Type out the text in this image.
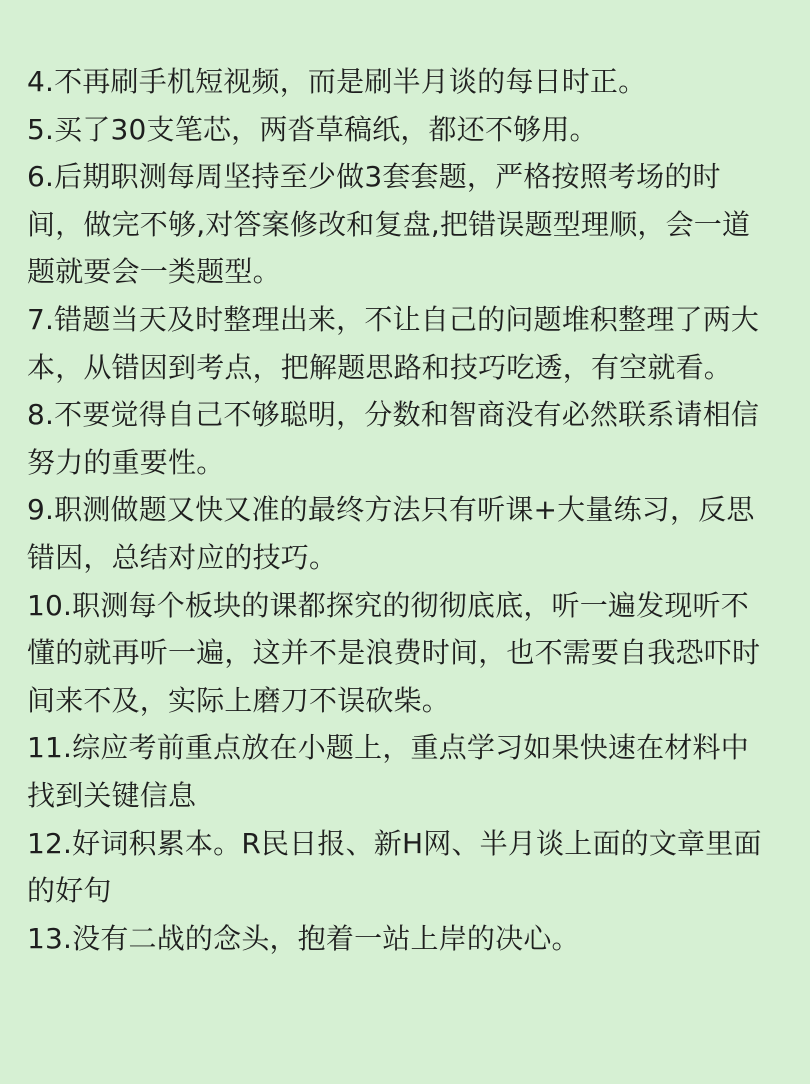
4.不再刷手机短视频，而是刷半月谈的每日时正。
5.买了30支笔芯，两沓草稿纸，都还不够用。
6.后期职测每周坚持至少做3套套题，严格按照考场的时
间，做完不够,对答案修改和复盘,把错误题型理顺，会一道
题就要会一类题型。
7.错题当天及时整理出来，不让自己的问题堆积整理了两大
本，从错因到考点，把解题思路和技巧吃透，有空就看。
8.不要觉得自己不够聪明，分数和智商没有必然联系请相信
努力的重要性。
9.职测做题又快又准的最终方法只有听课+大量练习，反思
错因，总结对应的技巧。
10.职测每个板块的课都探究的彻彻底底，听一遍发现听不
懂的就再听一遍，这并不是浪费时间，也不需要自我恐吓时
间来不及，实际上磨刀不误砍柴。
11.综应考前重点放在小题上，重点学习如果快速在材料中
找到关键信息
12.好词积累本。R民日报、新H网、半月谈上面的文章里面
的好句
13.没有二战的念头，抱着一站上岸的决心。
